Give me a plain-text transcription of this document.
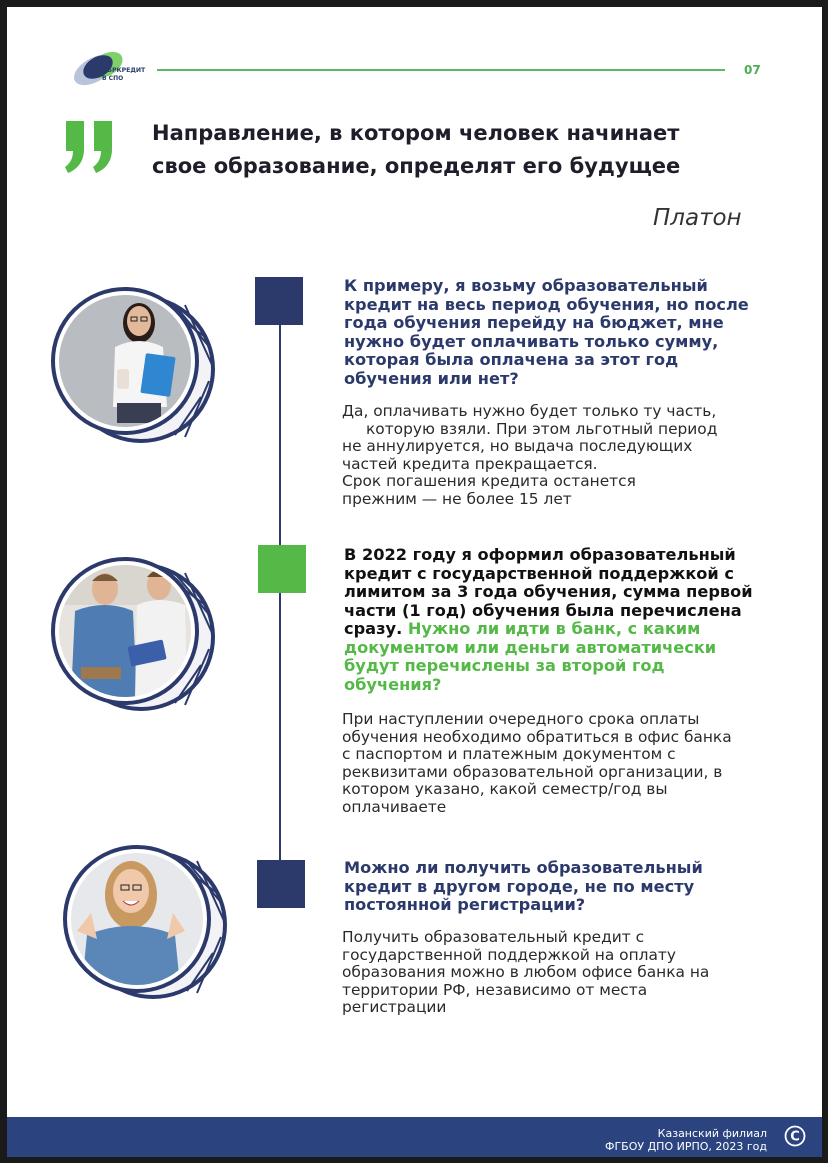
ОБРКРЕДИТ
В СПО
07
Направление, в котором человек начинает
свое образование, определят его будущее
Платон
К примеру, я возьму образовательный
кредит на весь период обучения, но после
года обучения перейду на бюджет, мне
нужно будет оплачивать только сумму,
которая была оплачена за этот год
обучения или нет?
Да, оплачивать нужно будет только ту часть,
которую взяли. При этом льготный период
не аннулируется, но выдача последующих
частей кредита прекращается.
Срок погашения кредита останется
прежним — не более 15 лет
В 2022 году я оформил образовательный
кредит с государственной поддержкой с
лимитом за 3 года обучения, сумма первой
части (1 год) обучения была перечислена
сразу. Нужно ли идти в банк, с каким
документом или деньги автоматически
будут перечислены за второй год
обучения?
При наступлении очередного срока оплаты
обучения необходимо обратиться в офис банка
с паспортом и платежным документом с
реквизитами образовательной организации, в
котором указано, какой семестр/год вы
оплачиваете
Можно ли получить образовательный
кредит в другом городе, не по месту
постоянной регистрации?
Получить образовательный кредит с
государственной поддержкой на оплату
образования можно в любом офисе банка на
территории РФ, независимо от места
регистрации
Казанский филиал
ФГБОУ ДПО ИРПО, 2023 год
C
